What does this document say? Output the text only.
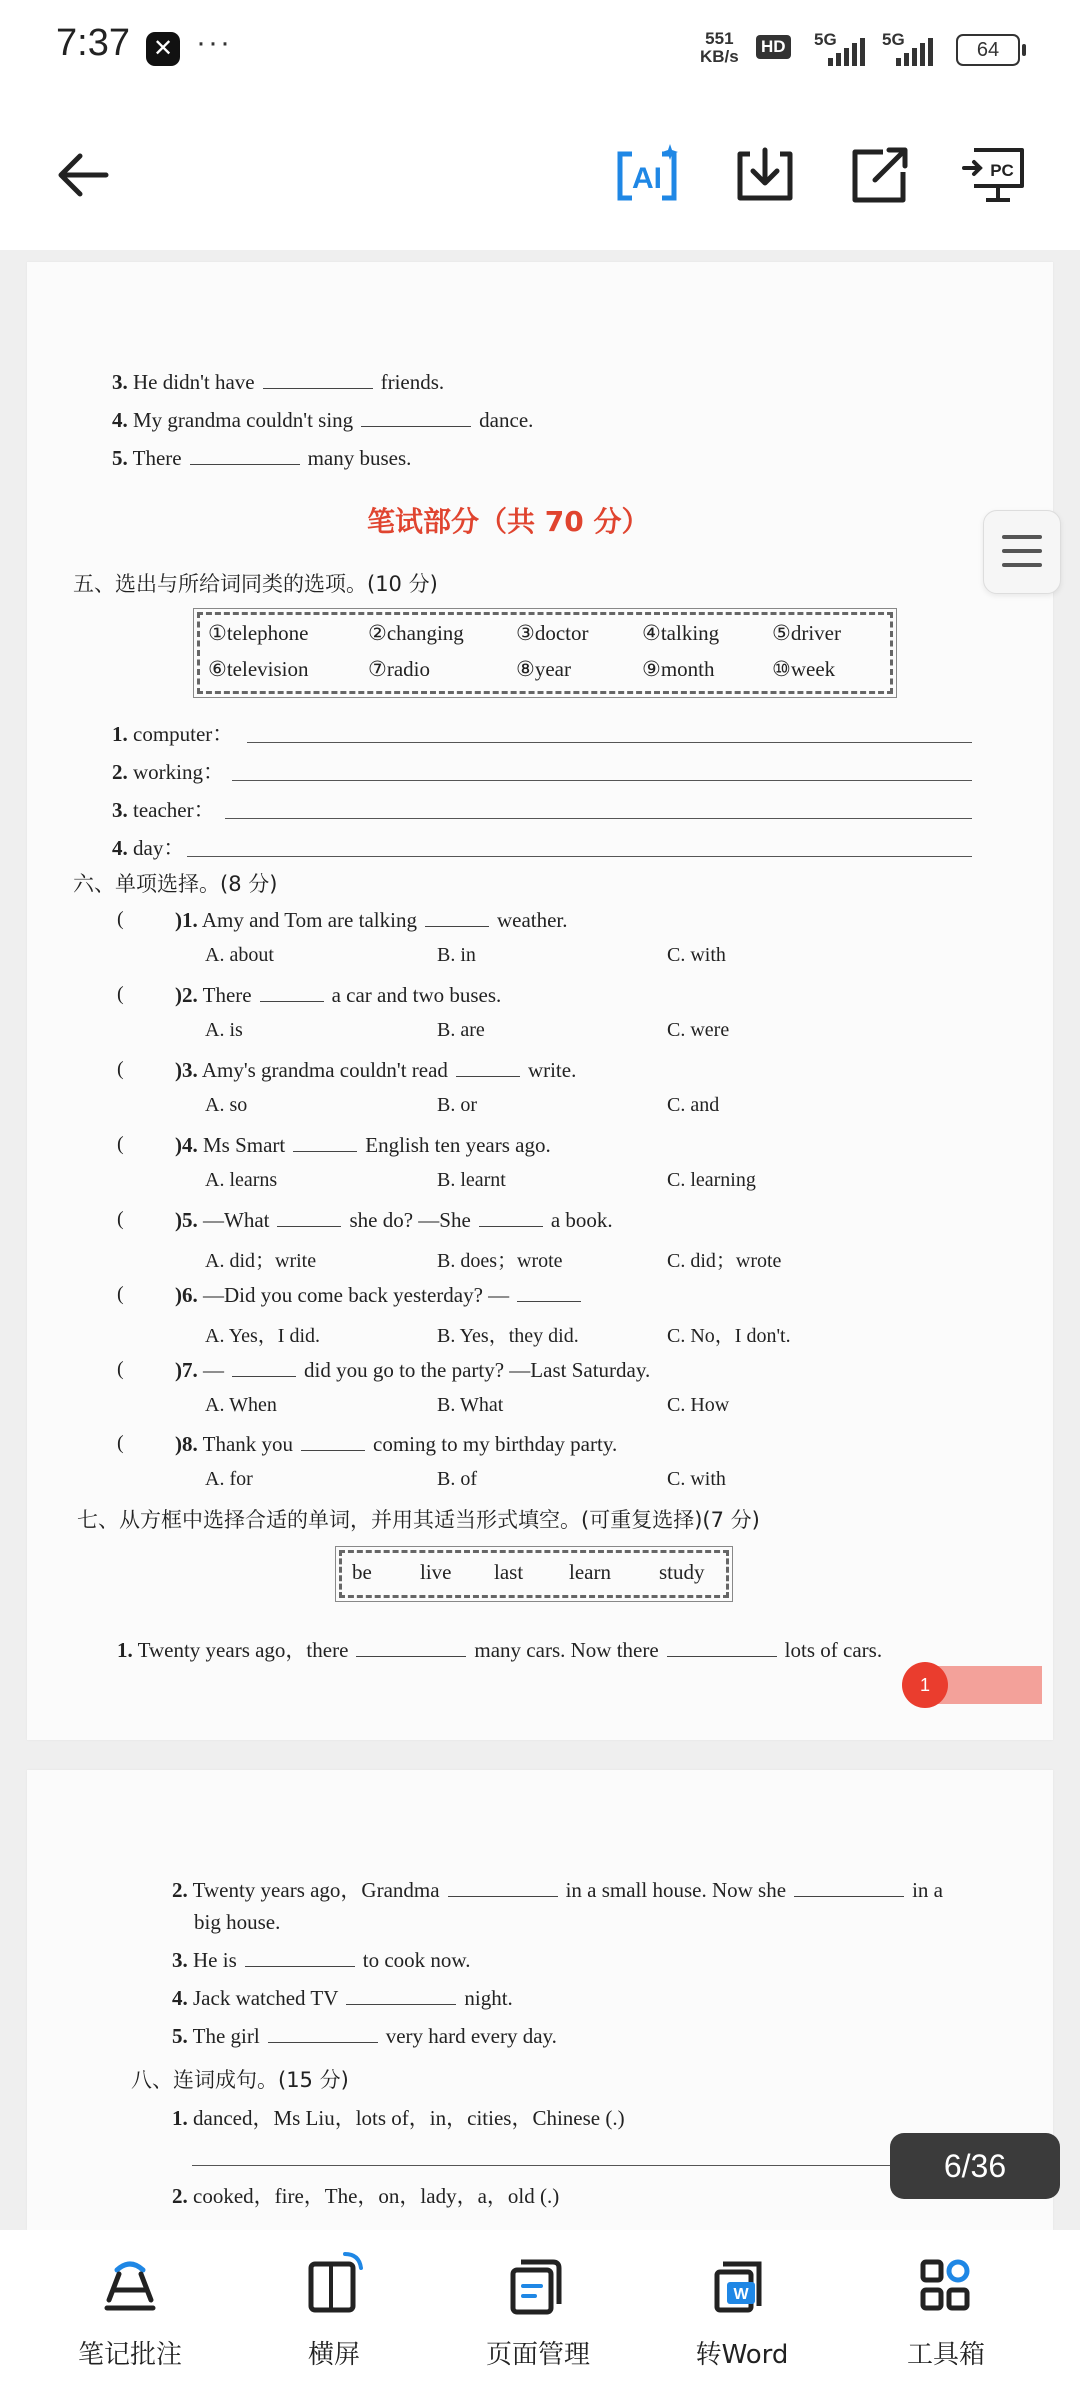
7:37
✕ ···	551
KB/s
HD 5G	5G	64
AI	PC
3. He didn't have	friends.
4. My grandma couldn't sing	dance.
5. There	many buses.
笔试部分（共 70 分）
五、选出与所给词同类的选项。(10 分)
①telephone	②changing ③doctor	④talking	⑤driver
⑥television	⑦radio	⑧year	⑨month	⑩week
1. computer：
2. working：
3. teacher：
4. day：
六、单项选择。(8 分)
( )1. Amy and Tom are talking	weather.
A. about	B. in	C. with
( )2. There	a car and two buses.
A. is	B. are	C. were
( )3. Amy's grandma couldn't read	write.
A. so	B. or	C. and
( )4. Ms Smart	English ten years ago.
A. learns	B. learnt	C. learning
( )5. —What	she do? —She	a book.
A. did；write	B. does；wrote	C. did；wrote
( )6. —Did you come back yesterday? —
A. Yes，I did.	B. Yes，they did.	C. No，I don't.
( )7. —	did you go to the party? —Last Saturday.
A. When	B. What	C. How
( )8. Thank you	coming to my birthday party.
A. for	B. of	C. with
七、从方框中选择合适的单词，并用其适当形式填空。(可重复选择)(7 分)
be live last learn study
1. Twenty years ago，there	many cars. Now there	lots of cars.
1
2. Twenty years ago，Grandma	in a small house. Now she	in a
big house.
3. He is	to cook now.
4. Jack watched TV	night.
5. The girl	very hard every day.
八、连词成句。(15 分)
1. danced，Ms Liu，lots of，in，cities，Chinese (.)
2. cooked，fire，The，on，lady，a，old (.)
6/36
笔记批注	横屏	页面管理
W
转Word	工具箱
